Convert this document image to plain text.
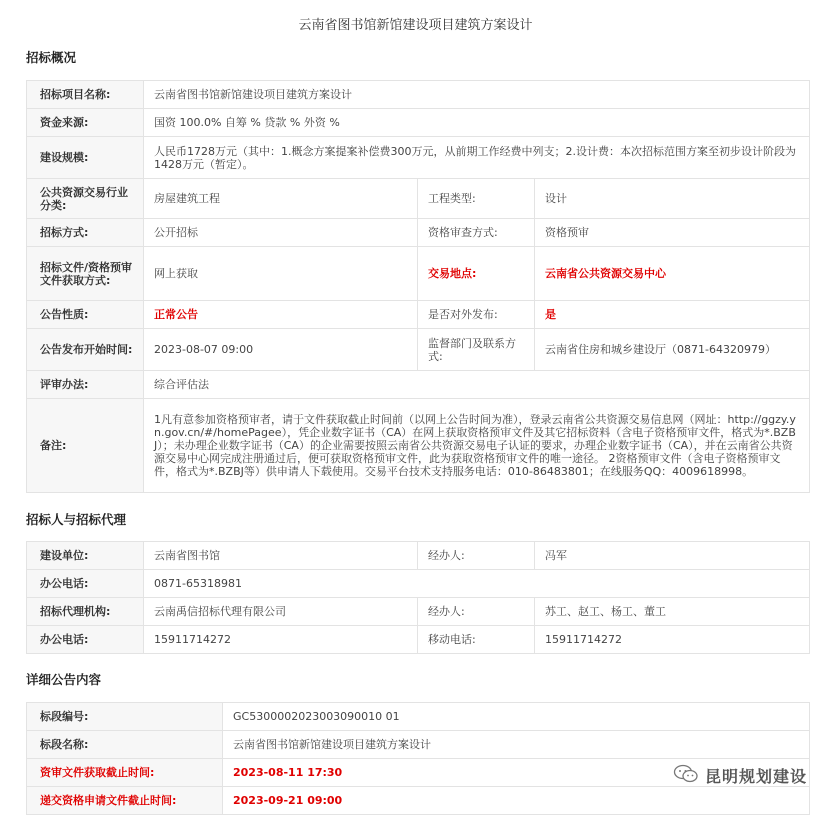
云南省图书馆新馆建设项目建筑方案设计
招标概况
招标项目名称:	云南省图书馆新馆建设项目建筑方案设计		
资金来源:	国资 100.0% 自筹 % 贷款 % 外资 %		
建设规模:	人民币1728万元（其中：1.概念方案提案补偿费300万元，从前期工作经费中列支；2.设计费：本次招标范围方案至初步设计阶段为1428万元（暂定）。		
公共资源交易行业分类:	房屋建筑工程	工程类型:	设计
招标方式:	公开招标	资格审查方式:	资格预审
招标文件/资格预审文件获取方式:	网上获取	交易地点:	云南省公共资源交易中心
公告性质:	正常公告	是否对外发布:	是
公告发布开始时间:	2023-08-07 09:00	监督部门及联系方式:	云南省住房和城乡建设厅（0871-64320979）
评审办法:	综合评估法		
备注:	1凡有意参加资格预审者，请于文件获取截止时间前（以网上公告时间为准），登录云南省公共资源交易信息网（网址：http://ggzy.yn.gov.cn/#/homePagee），凭企业数字证书（CA）在网上获取资格预审文件及其它招标资料（含电子资格预审文件，格式为*.BZBJ）；未办理企业数字证书（CA）的企业需要按照云南省公共资源交易电子认证的要求，办理企业数字证书（CA），并在云南省公共资源交易中心网完成注册通过后，便可获取资格预审文件，此为获取资格预审文件的唯一途径。 2资格预审文件（含电子资格预审文件，格式为*.BZBJ等）供申请人下载使用。交易平台技术支持服务电话：010-86483801；在线服务QQ：4009618998。		
招标人与招标代理
建设单位:	云南省图书馆	经办人:	冯军
办公电话:	0871-65318981		
招标代理机构:	云南禹信招标代理有限公司	经办人:	苏工、赵工、杨工、董工
办公电话:	15911714272	移动电话:	15911714272
详细公告内容
标段编号:	GC5300002023003090010 01
标段名称:	云南省图书馆新馆建设项目建筑方案设计
资审文件获取截止时间:	2023-08-11 17:30
递交资格申请文件截止时间:	2023-09-21 09:00
昆明规划建设
